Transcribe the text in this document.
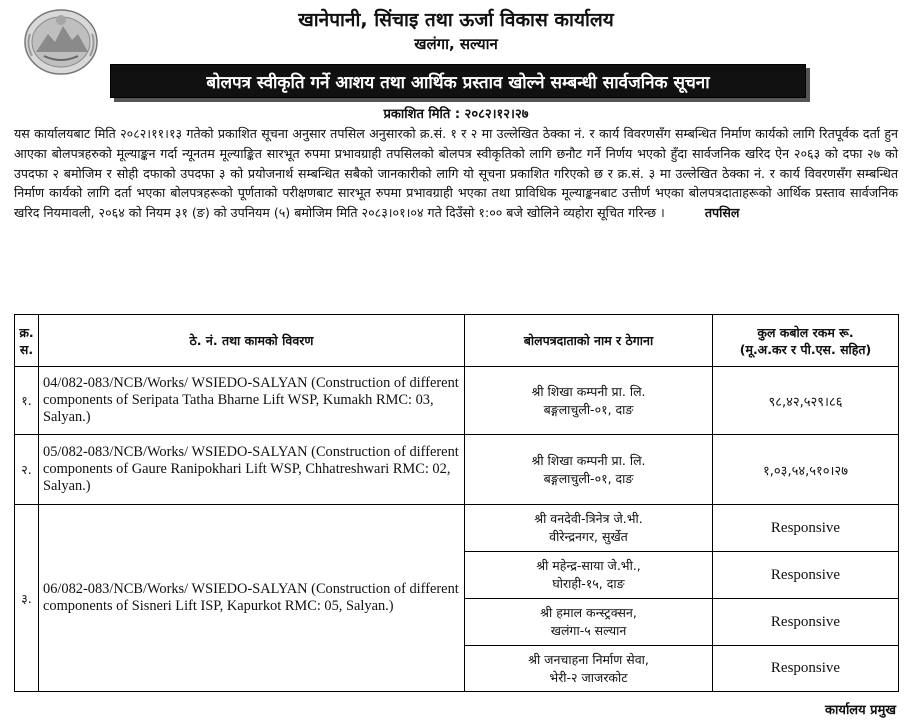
खानेपानी, सिंचाइ तथा ऊर्जा विकास कार्यालय
खलंगा, सल्यान
बोलपत्र स्वीकृति गर्ने आशय तथा आर्थिक प्रस्ताव खोल्ने सम्बन्धी सार्वजनिक सूचना
प्रकाशित मिति : २०८२।१२।२७

यस कार्यालयबाट मिति २०८२।११।१३ गतेको प्रकाशित सूचना अनुसार तपसिल अनुसारको क्र.सं. १ र २ मा उल्लेखित ठेक्का नं. र कार्य विवरणसँग सम्बन्धित निर्माण कार्यको लागि रितपूर्वक दर्ता हुन आएका बोलपत्रहरुको मूल्याङ्कन गर्दा न्यूनतम मूल्याङ्कित सारभूत रुपमा प्रभावग्राही तपसिलको बोलपत्र स्वीकृतिको लागि छनौट गर्ने निर्णय भएको हुँदा सार्वजनिक खरिद ऐन २०६३ को दफा २७ को उपदफा २ बमोजिम र सोही दफाको उपदफा ३ को प्रयोजनार्थ सम्बन्धित सबैको जानकारीको लागि यो सूचना प्रकाशित गरिएको छ र क्र.सं. ३ मा उल्लेखित ठेक्का नं. र कार्य विवरणसँग सम्बन्धित निर्माण कार्यको लागि दर्ता भएका बोलपत्रहरूको पूर्णताको परीक्षणबाट सारभूत रुपमा प्रभावग्राही भएका तथा प्राविधिक मूल्याङ्कनबाट उत्तीर्ण भएका बोलपत्रदाताहरूको आर्थिक प्रस्ताव सार्वजनिक खरिद नियमावली, २०६४ को नियम ३१ (ङ) को उपनियम (५) बमोजिम मिति २०८३।०१।०४ गते दिउँसो १:०० बजे खोलिने व्यहोरा सूचित गरिन्छ ।	तपसिल

क्र. स.	ठे. नं. तथा कामको विवरण	बोलपत्रदाताको नाम र ठेगाना	कुल कबोल रकम रू.
(मू.अ.कर र पी.एस. सहित)

१.	04/082-083/NCB/Works/ WSIEDO-SALYAN (Construction of different components of Seripata Tatha Bharne Lift WSP, Kumakh RMC: 03, Salyan.)	श्री शिखा कम्पनी प्रा. लि.
बङ्गलाचुली-०१, दाङ	९८,४२,५२९।८६
२.	05/082-083/NCB/Works/ WSIEDO-SALYAN (Construction of different components of Gaure Ranipokhari Lift WSP, Chhatreshwari RMC: 02, Salyan.)	श्री शिखा कम्पनी प्रा. लि.
बङ्गलाचुली-०१, दाङ	१,०३,५४,५१०।२७
३.	06/082-083/NCB/Works/ WSIEDO-SALYAN (Construction of different components of Sisneri Lift ISP, Kapurkot RMC: 05, Salyan.)	श्री वनदेवी-त्रिनेत्र जे.भी.
वीरेन्द्रनगर, सुर्खेत	Responsive

		श्री महेन्द्र-साया जे.भी.,
घोराही-१५, दाङ	Responsive

		श्री हमाल कन्स्ट्रक्सन,
खलंगा-५ सल्यान	Responsive

		श्री जनचाहना निर्माण सेवा,
भेरी-२ जाजरकोट	Responsive
कार्यालय प्रमुख
